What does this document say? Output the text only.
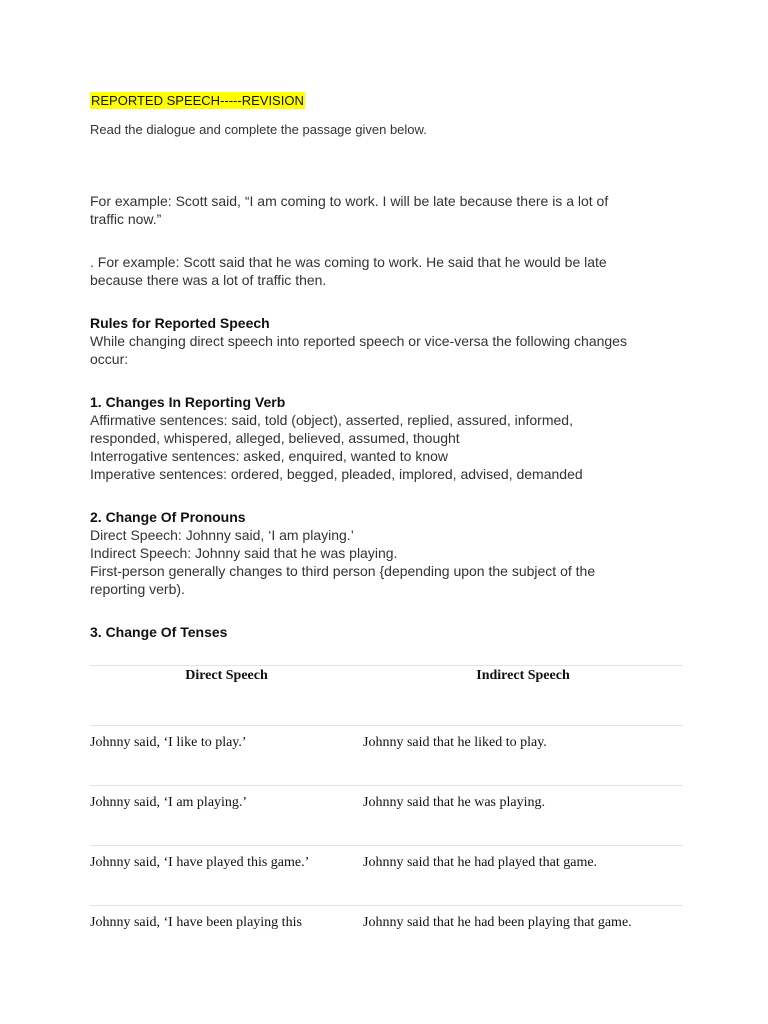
REPORTED SPEECH-----REVISION
Read the dialogue and complete the passage given below.
For example: Scott said, “I am coming to work. I will be late because there is a lot of
traffic now.”
. For example: Scott said that he was coming to work. He said that he would be late
because there was a lot of traffic then.
Rules for Reported Speech
While changing direct speech into reported speech or vice-versa the following changes
occur:
1. Changes In Reporting Verb
Affirmative sentences: said, told (object), asserted, replied, assured, informed,
responded, whispered, alleged, believed, assumed, thought
Interrogative sentences: asked, enquired, wanted to know
Imperative sentences: ordered, begged, pleaded, implored, advised, demanded
2. Change Of Pronouns
Direct Speech: Johnny said, ‘I am playing.’
Indirect Speech: Johnny said that he was playing.
First-person generally changes to third person {depending upon the subject of the
reporting verb).
3. Change Of Tenses
Direct Speech	Indirect Speech
Johnny said, ‘I like to play.’	Johnny said that he liked to play.
Johnny said, ‘I am playing.’	Johnny said that he was playing.
Johnny said, ‘I have played this game.’	Johnny said that he had played that game.
Johnny said, ‘I have been playing this	Johnny said that he had been playing that game.
